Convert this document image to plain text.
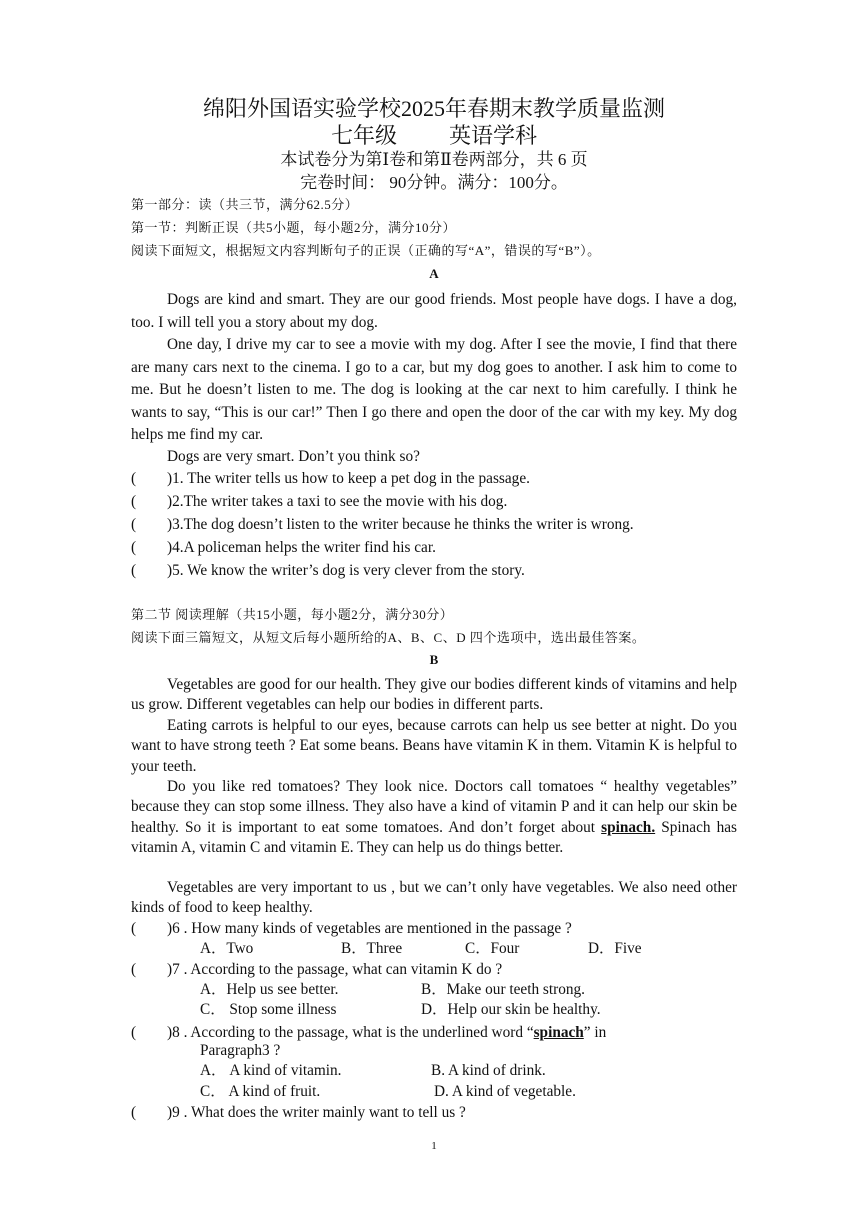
绵阳外国语实验学校2025年春期末教学质量监测
七年级 英语学科
本试卷分为第Ⅰ卷和第Ⅱ卷两部分，共 6 页
完卷时间： 90分钟。满分：100分。
第一部分：读（共三节，满分62.5分）
第一节：判断正误（共5小题，每小题2分，满分10分）
阅读下面短文，根据短文内容判断句子的正误（正确的写“A”，错误的写“B”）。
A
Dogs are kind and smart. They are our good friends. Most people have dogs. I have a dog, too. I will tell you a story about my dog.
One day, I drive my car to see a movie with my dog. After I see the movie, I find that there are many cars next to the cinema. I go to a car, but my dog goes to another. I ask him to come to me. But he doesn’t listen to me. The dog is looking at the car next to him carefully. I think he wants to say, “This is our car!” Then I go there and open the door of the car with my key. My dog helps me find my car.
Dogs are very smart. Don’t you think so?
( )1. The writer tells us how to keep a pet dog in the passage.
( )2.The writer takes a taxi to see the movie with his dog.
( )3.The dog doesn’t listen to the writer because he thinks the writer is wrong.
( )4.A policeman helps the writer find his car.
( )5. We know the writer’s dog is very clever from the story.
第二节 阅读理解（共15小题，每小题2分，满分30分）
阅读下面三篇短文，从短文后每小题所给的A、B、C、D 四个选项中，选出最佳答案。
B
Vegetables are good for our health. They give our bodies different kinds of vitamins and help us grow. Different vegetables can help our bodies in different parts.
Eating carrots is helpful to our eyes, because carrots can help us see better at night. Do you want to have strong teeth ? Eat some beans. Beans have vitamin K in them. Vitamin K is helpful to your teeth.
Do you like red tomatoes? They look nice. Doctors call tomatoes “ healthy vegetables” because they can stop some illness. They also have a kind of vitamin P and it can help our skin be healthy. So it is important to eat some tomatoes. And don’t forget about spinach. Spinach has vitamin A, vitamin C and vitamin E. They can help us do things better.
Vegetables are very important to us , but we can’t only have vegetables. We also need other kinds of food to keep healthy.
( )6 . How many kinds of vegetables are mentioned in the passage ?
A．Two	B．Three	C．Four	D．Five
( )7 . According to the passage, what can vitamin K do ?
A．Help us see better.	B．Make our teeth strong.
C． Stop some illness	D．Help our skin be healthy.
( )8 . According to the passage, what is the underlined word “spinach” in
Paragraph3 ?
A． A kind of vitamin.	B. A kind of drink.
C． A kind of fruit.	D. A kind of vegetable.
( )9 . What does the writer mainly want to tell us ?
1
